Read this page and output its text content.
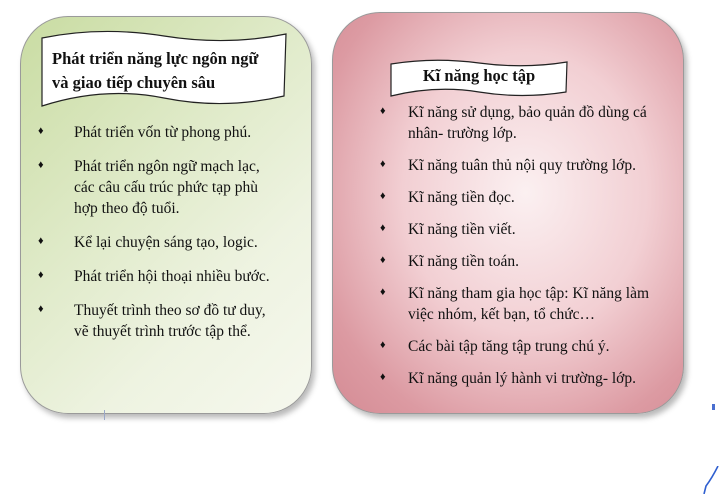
Phát triển năng lực ngôn ngữ
và giao tiếp chuyên sâu
♦ Phát triển vốn từ phong phú.
♦ Phát triển ngôn ngữ mạch lạc,
các câu cấu trúc phức tạp phù
hợp theo độ tuổi.
♦ Kể lại chuyện sáng tạo, logic.
♦ Phát triển hội thoại nhiều bước.
♦ Thuyết trình theo sơ đồ tư duy,
vẽ thuyết trình trước tập thể.
Kĩ năng học tập
♦ Kĩ năng sử dụng, bảo quản đồ dùng cá
nhân- trường lớp.
♦ Kĩ năng tuân thủ nội quy trường lớp.
♦ Kĩ năng tiền đọc.
♦ Kĩ năng tiền viết.
♦ Kĩ năng tiền toán.
♦ Kĩ năng tham gia học tập: Kĩ năng làm
việc nhóm, kết bạn, tổ chức…
♦ Các bài tập tăng tập trung chú ý.
♦ Kĩ năng quản lý hành vi trường- lớp.
